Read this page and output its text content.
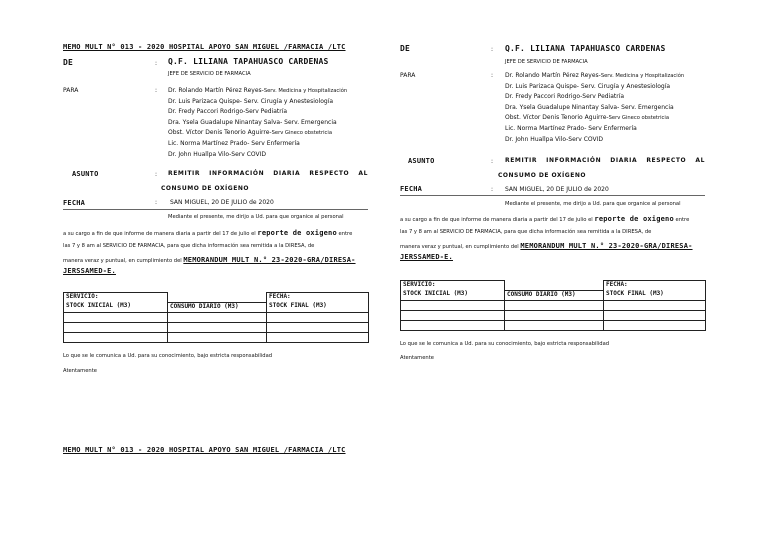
MEMO MULT N° 013 - 2020 HOSPITAL APOYO SAN MIGUEL /FARMACIA /LTC
DE	: Q.F. LILIANA TAPAHUASCO CARDENAS
JEFE DE SERVICIO DE FARMACIA
PARA	: Dr. Rolando Martín Pérez Reyes-Serv. Medicina y Hospitalización
Dr. Luis Parizaca Quispe- Serv. Cirugía y Anestesiología
Dr. Fredy Paccori Rodrigo-Serv Pediatría
Dra. Ysela Guadalupe Ninantay Salva- Serv. Emergencia
Obst. Víctor Denis Tenorio Aguirre-Serv Gineco obstetricia
Lic. Norma Martínez Prado- Serv Enfermería
Dr. John Huallpa Vilo-Serv COVID
ASUNTO	: REMITIR INFORMACIÓN DIARIA RESPECTO AL
CONSUMO DE OXÍGENO
FECHA	: SAN MIGUEL, 20 DE JULIO de 2020
Mediante el presente, me dirijo a Ud. para que organice al personal
a su cargo a fin de que informe de manera diaria a partir del 17 de julio el reporte de oxigeno entre
las 7 y 8 am al SERVICIO DE FARMACIA, para que dicha información sea remitida a la DIRESA, de
manera veraz y puntual, en cumplimiento del MEMORANDUM MULT N.° 23-2020-GRA/DIRESA-
JERSSAMED-E.
SERVICIO:		FECHA:
STOCK INICIAL (M3)	CONSUMO DIARIO (M3)	STOCK FINAL (M3)

Lo que se le comunica a Ud. para su conocimiento, bajo estricta responsabilidad
Atentamente
MEMO MULT N° 013 - 2020 HOSPITAL APOYO SAN MIGUEL /FARMACIA /LTC
DE	: Q.F. LILIANA TAPAHUASCO CARDENAS
JEFE DE SERVICIO DE FARMACIA
PARA	: Dr. Rolando Martín Pérez Reyes-Serv. Medicina y Hospitalización
Dr. Luis Parizaca Quispe- Serv. Cirugía y Anestesiología
Dr. Fredy Paccori Rodrigo-Serv Pediatría
Dra. Ysela Guadalupe Ninantay Salva- Serv. Emergencia
Obst. Víctor Denis Tenorio Aguirre-Serv Gineco obstetricia
Lic. Norma Martínez Prado- Serv Enfermería
Dr. John Huallpa Vilo-Serv COVID
ASUNTO	: REMITIR INFORMACIÓN DIARIA RESPECTO AL
CONSUMO DE OXÍGENO
FECHA	: SAN MIGUEL, 20 DE JULIO de 2020
Mediante el presente, me dirijo a Ud. para que organice al personal
a su cargo a fin de que informe de manera diaria a partir del 17 de julio el reporte de oxigeno entre
las 7 y 8 am al SERVICIO DE FARMACIA, para que dicha información sea remitida a la DIRESA, de
manera veraz y puntual, en cumplimiento del MEMORANDUM MULT N.° 23-2020-GRA/DIRESA-
JERSSAMED-E.
SERVICIO:		FECHA:
STOCK INICIAL (M3)	CONSUMO DIARIO (M3)	STOCK FINAL (M3)

Lo que se le comunica a Ud. para su conocimiento, bajo estricta responsabilidad
Atentamente
